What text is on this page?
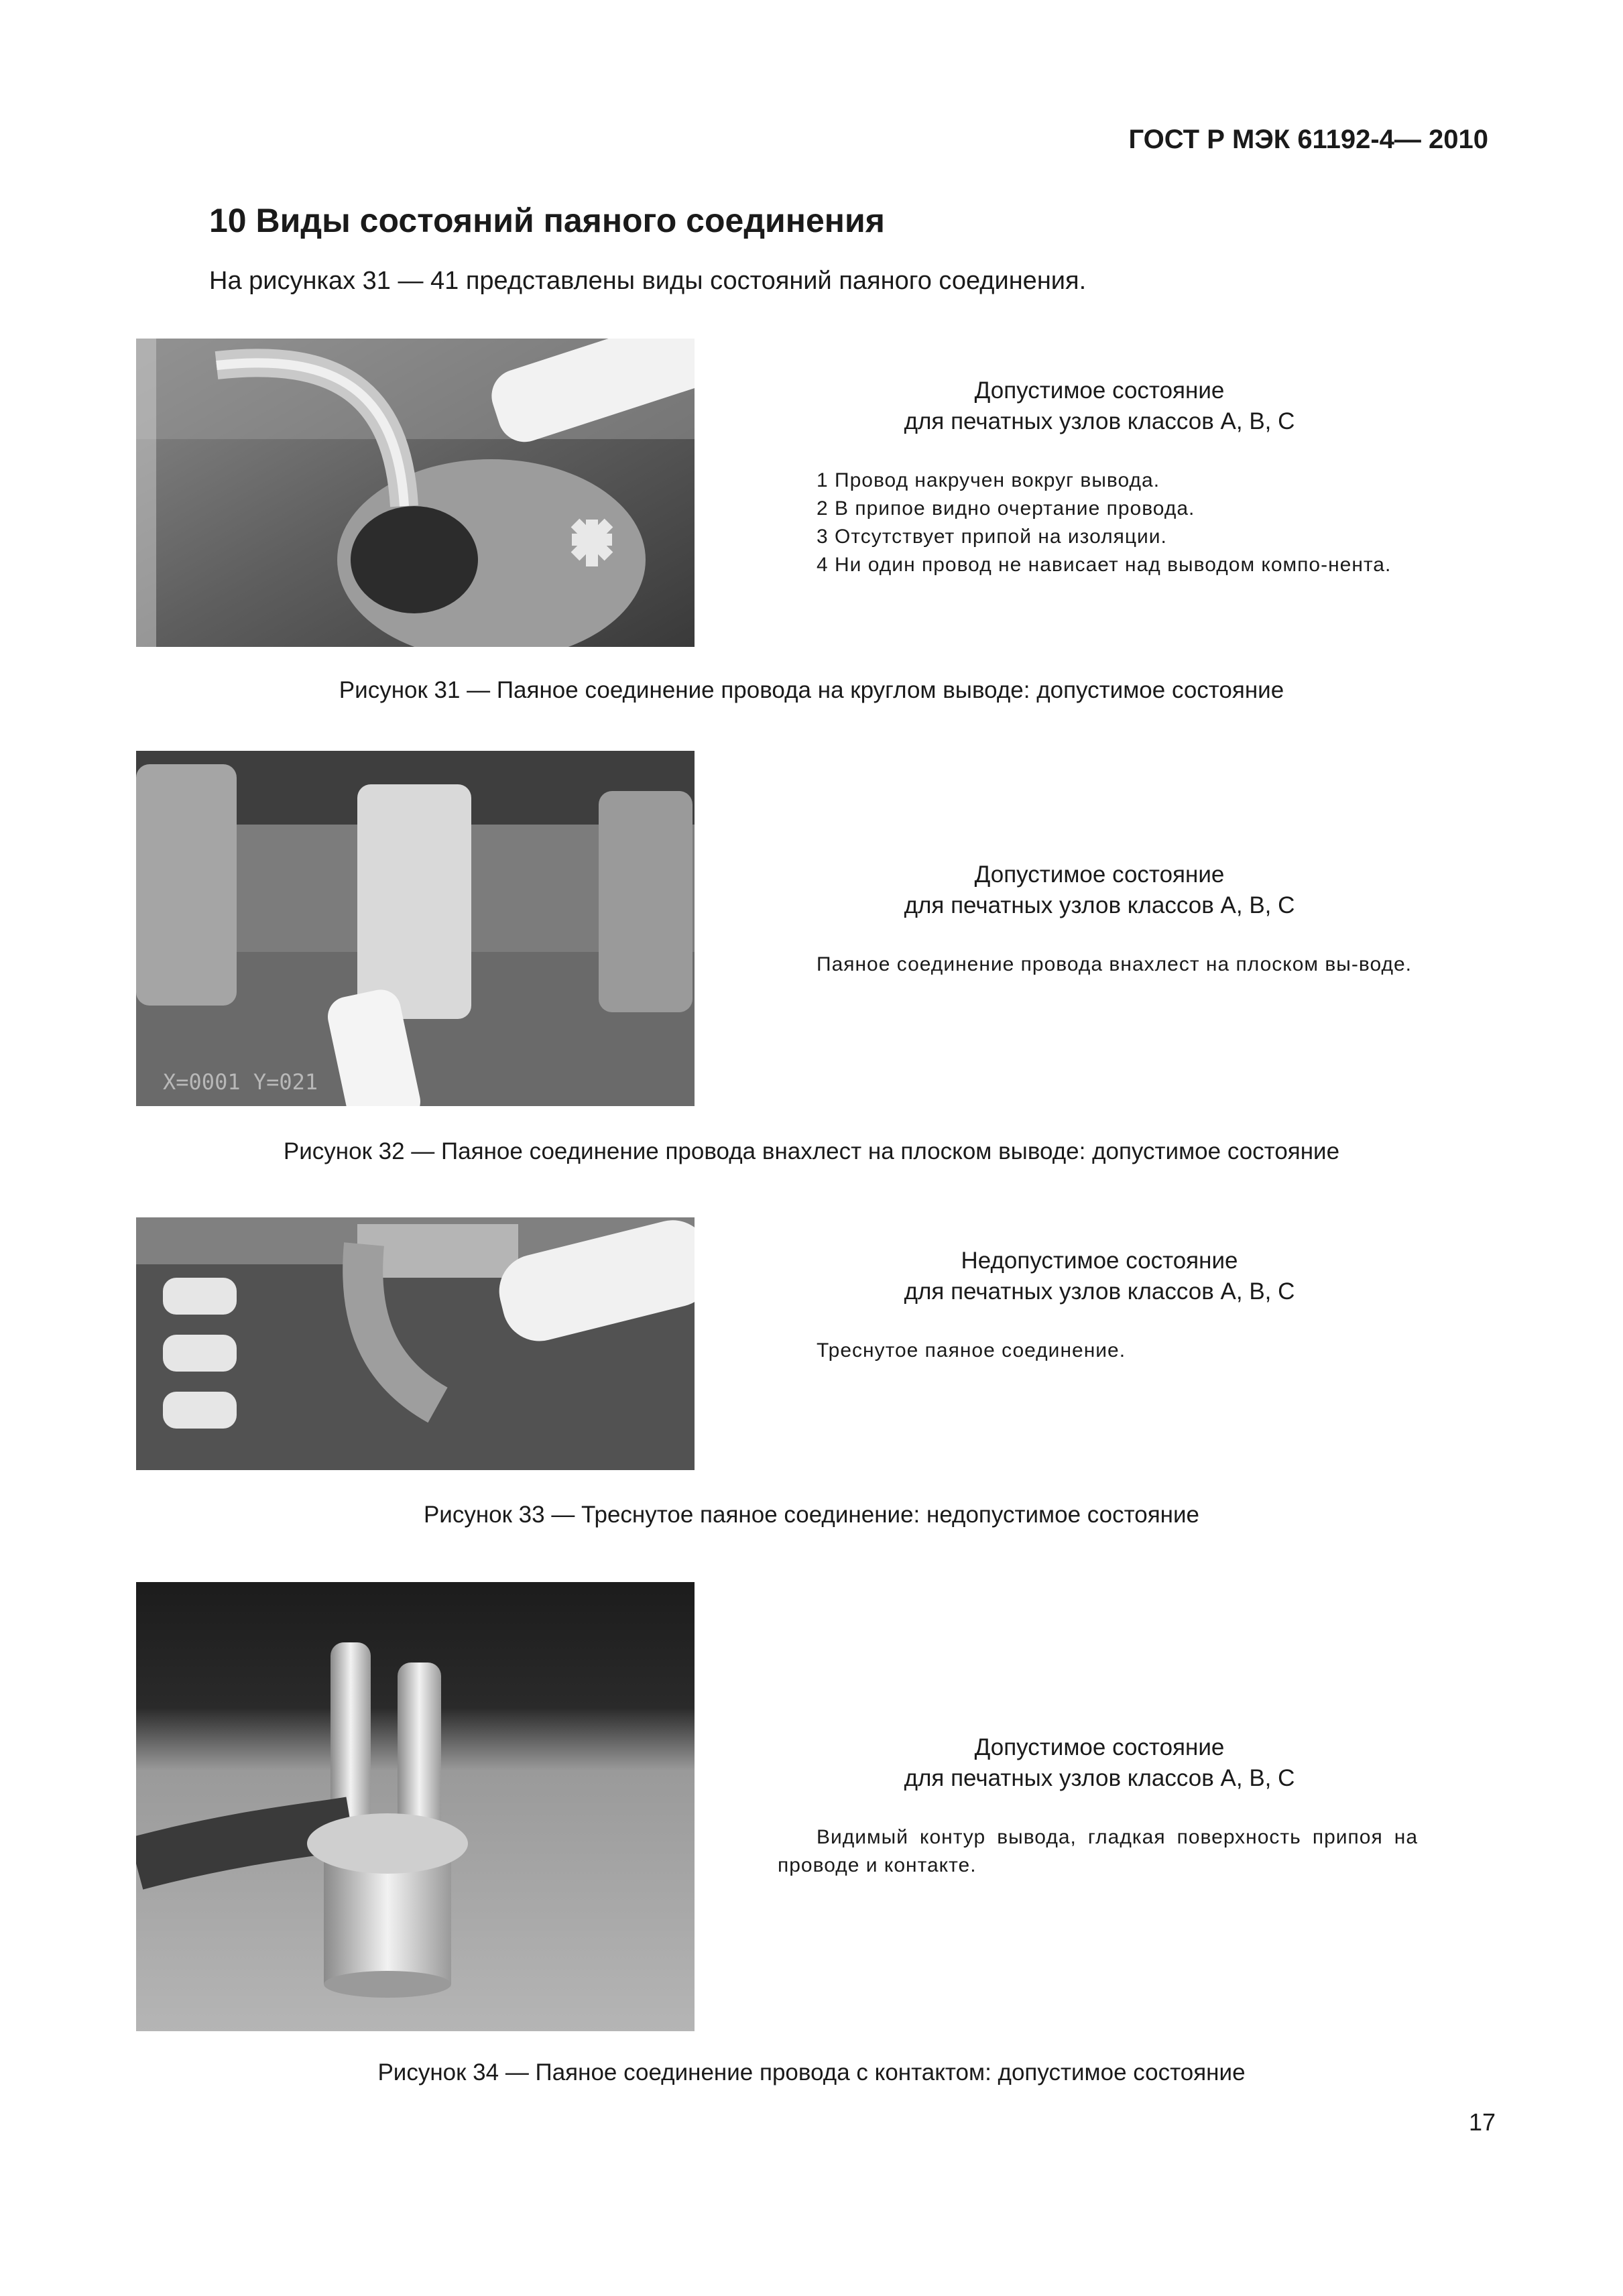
ГОСТ Р МЭК 61192-4— 2010
10 Виды состояний паяного соединения
На рисунках 31 — 41 представлены виды состояний паяного соединения.
Допустимое состояние
для печатных узлов классов А, В, С

1 Провод накручен вокруг вывода.

2 В припое видно очертание провода.

3 Отсутствует припой на изоляции.

4 Ни один провод не нависает над выводом компо-нента.

Рисунок 31 — Паяное соединение провода на круглом выводе: допустимое состояние
X=0001 Y=021
Допустимое состояние
для печатных узлов классов А, В, С

Паяное соединение провода внахлест на плоском вы-воде.

Рисунок 32 — Паяное соединение провода внахлест на плоском выводе: допустимое состояние
Недопустимое состояние
для печатных узлов классов А, В, С

Треснутое паяное соединение.

Рисунок 33 — Треснутое паяное соединение: недопустимое состояние
Допустимое состояние
для печатных узлов классов А, В, С

Видимый контур вывода, гладкая поверхность припоя на проводе и контакте.

Рисунок 34 — Паяное соединение провода с контактом: допустимое состояние
17
